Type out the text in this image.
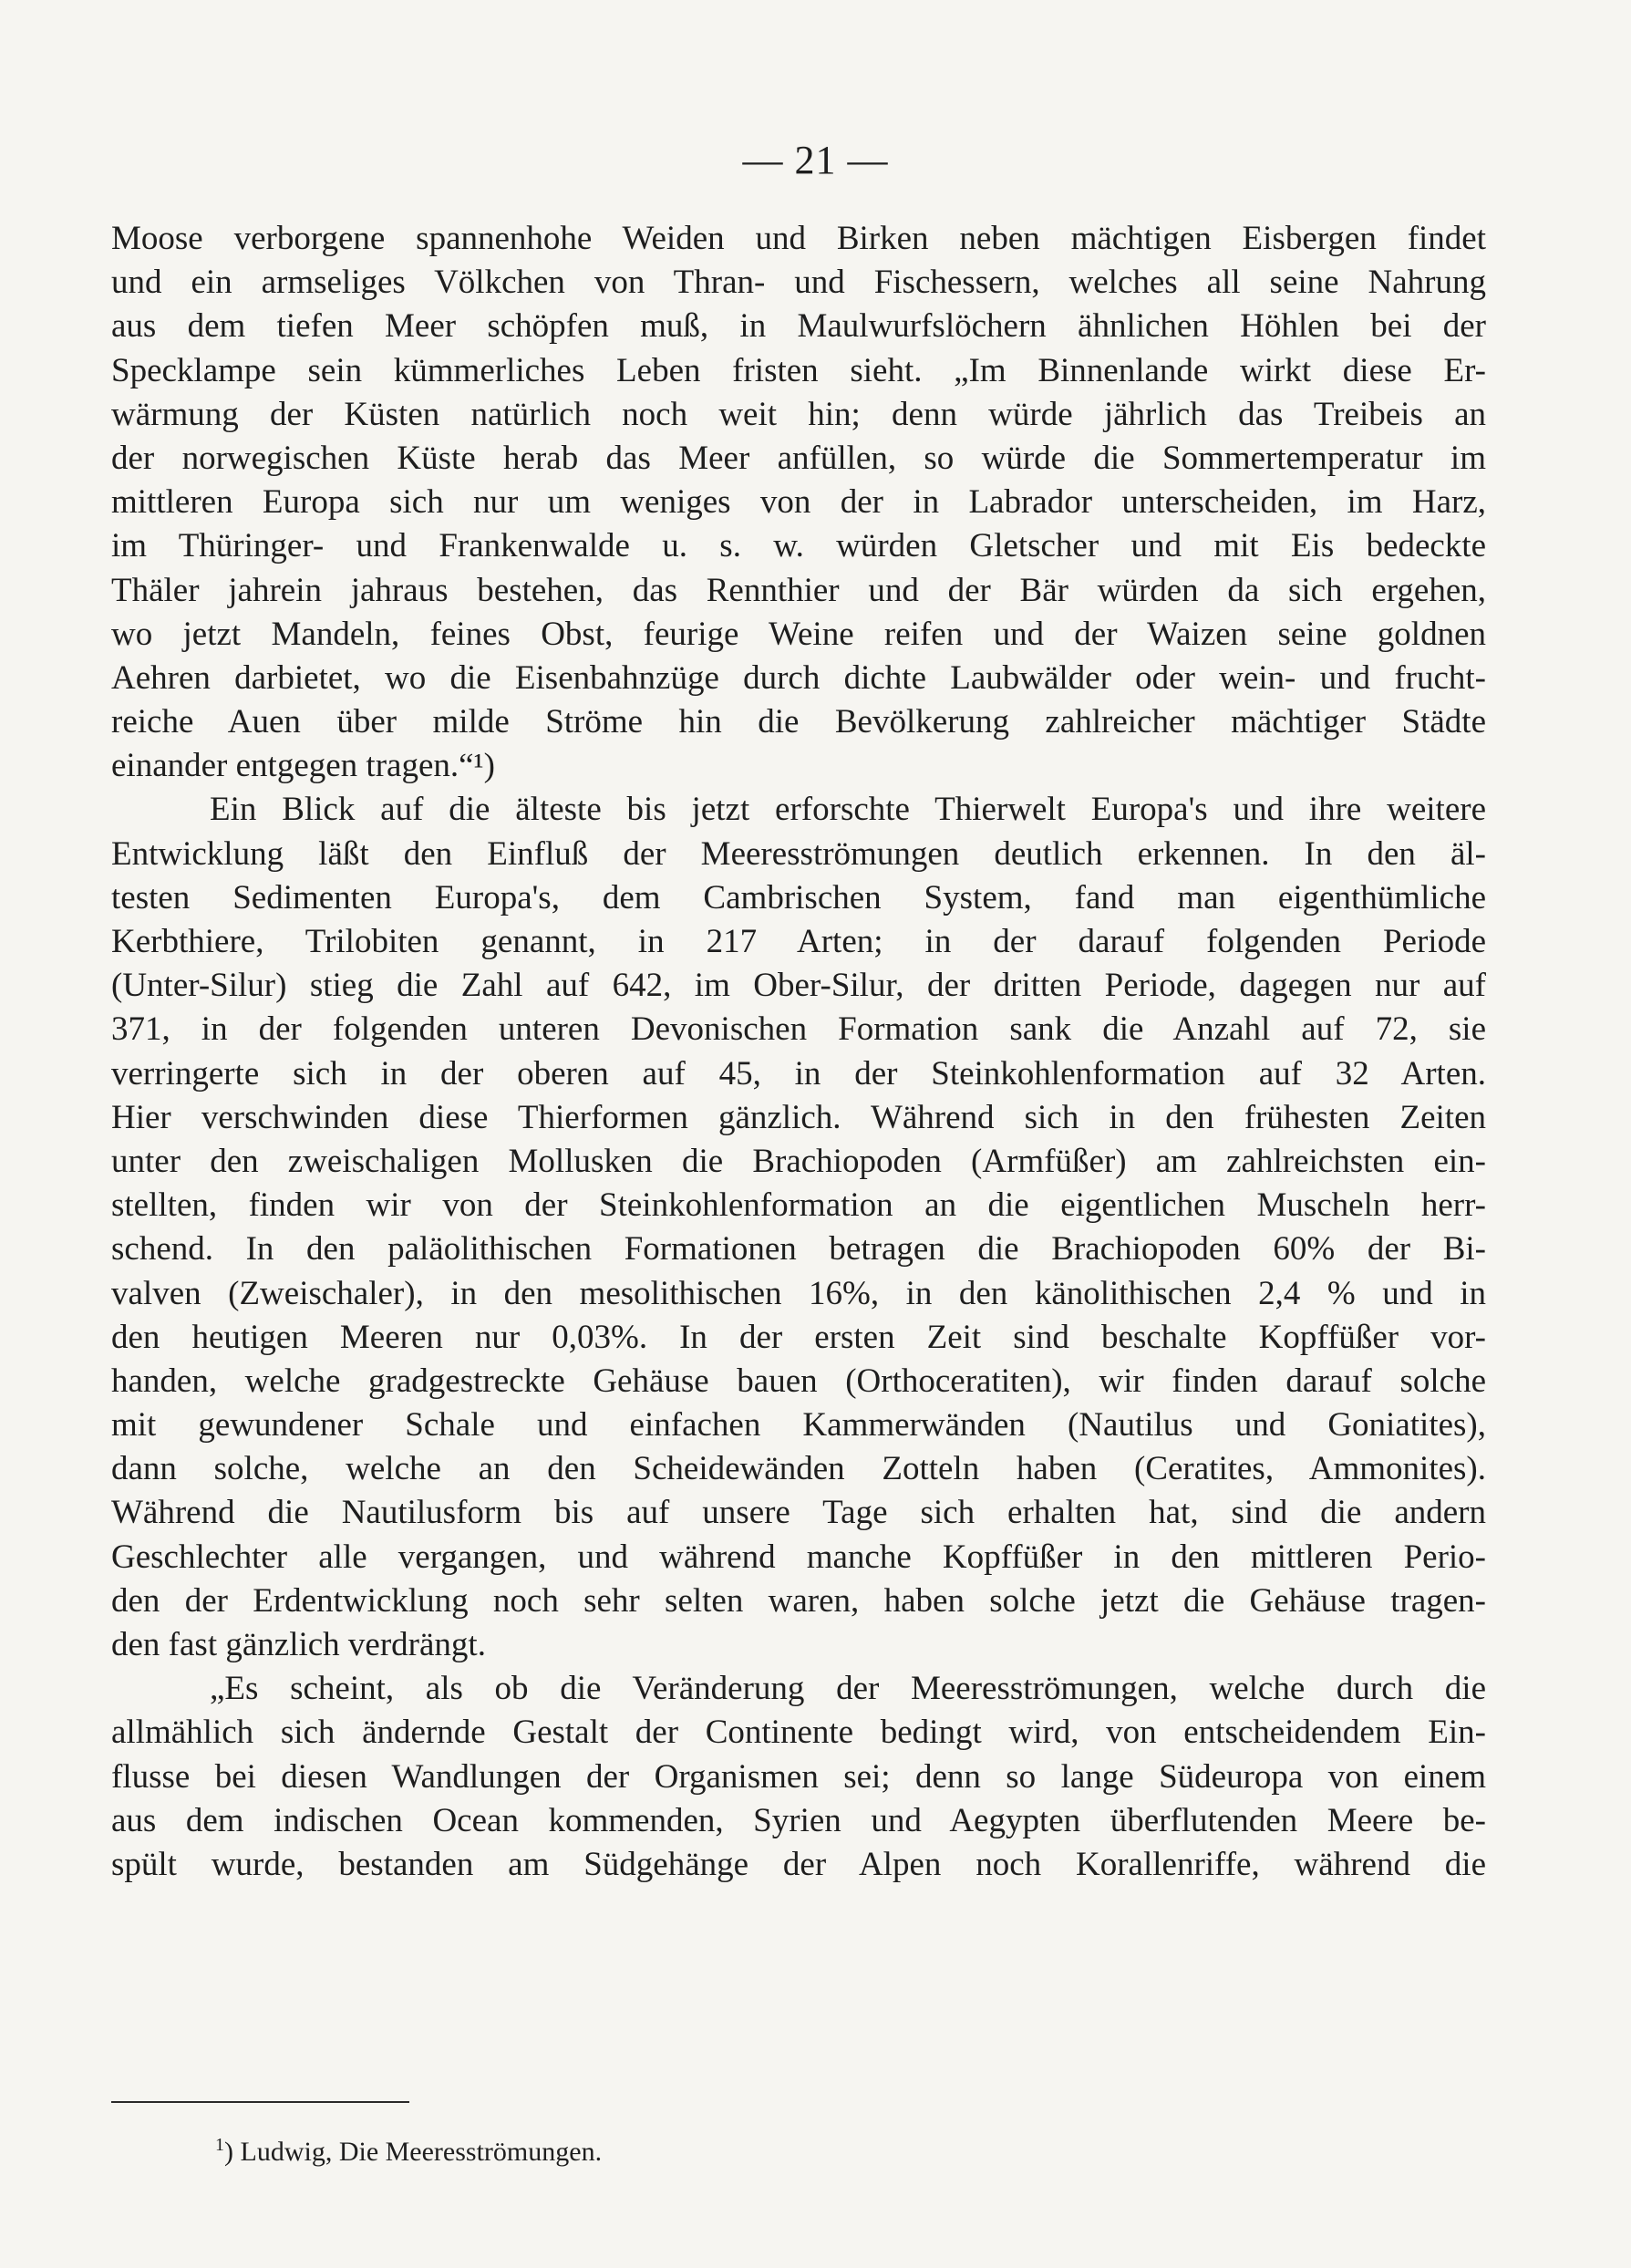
— 21 —
Moose verborgene spannenhohe Weiden und Birken neben mächtigen Eisbergen findet
und ein armseliges Völkchen von Thran- und Fischessern, welches all seine Nahrung
aus dem tiefen Meer schöpfen muß, in Maulwurfslöchern ähnlichen Höhlen bei der
Specklampe sein kümmerliches Leben fristen sieht. „Im Binnenlande wirkt diese Er-
wärmung der Küsten natürlich noch weit hin; denn würde jährlich das Treibeis an
der norwegischen Küste herab das Meer anfüllen, so würde die Sommertemperatur im
mittleren Europa sich nur um weniges von der in Labrador unterscheiden, im Harz,
im Thüringer- und Frankenwalde u. s. w. würden Gletscher und mit Eis bedeckte
Thäler jahrein jahraus bestehen, das Rennthier und der Bär würden da sich ergehen,
wo jetzt Mandeln, feines Obst, feurige Weine reifen und der Waizen seine goldnen
Aehren darbietet, wo die Eisenbahnzüge durch dichte Laubwälder oder wein- und frucht-
reiche Auen über milde Ströme hin die Bevölkerung zahlreicher mächtiger Städte
einander entgegen tragen.“¹)
Ein Blick auf die älteste bis jetzt erforschte Thierwelt Europa's und ihre weitere
Entwicklung läßt den Einfluß der Meeresströmungen deutlich erkennen. In den äl-
testen Sedimenten Europa's, dem Cambrischen System, fand man eigenthümliche
Kerbthiere, Trilobiten genannt, in 217 Arten; in der darauf folgenden Periode
(Unter-Silur) stieg die Zahl auf 642, im Ober-Silur, der dritten Periode, dagegen nur auf
371, in der folgenden unteren Devonischen Formation sank die Anzahl auf 72, sie
verringerte sich in der oberen auf 45, in der Steinkohlenformation auf 32 Arten.
Hier verschwinden diese Thierformen gänzlich. Während sich in den frühesten Zeiten
unter den zweischaligen Mollusken die Brachiopoden (Armfüßer) am zahlreichsten ein-
stellten, finden wir von der Steinkohlenformation an die eigentlichen Muscheln herr-
schend. In den paläolithischen Formationen betragen die Brachiopoden 60% der Bi-
valven (Zweischaler), in den mesolithischen 16%, in den känolithischen 2,4 % und in
den heutigen Meeren nur 0,03%. In der ersten Zeit sind beschalte Kopffüßer vor-
handen, welche gradgestreckte Gehäuse bauen (Orthoceratiten), wir finden darauf solche
mit gewundener Schale und einfachen Kammerwänden (Nautilus und Goniatites),
dann solche, welche an den Scheidewänden Zotteln haben (Ceratites, Ammonites).
Während die Nautilusform bis auf unsere Tage sich erhalten hat, sind die andern
Geschlechter alle vergangen, und während manche Kopffüßer in den mittleren Perio-
den der Erdentwicklung noch sehr selten waren, haben solche jetzt die Gehäuse tragen-
den fast gänzlich verdrängt.
„Es scheint, als ob die Veränderung der Meeresströmungen, welche durch die
allmählich sich ändernde Gestalt der Continente bedingt wird, von entscheidendem Ein-
flusse bei diesen Wandlungen der Organismen sei; denn so lange Südeuropa von einem
aus dem indischen Ocean kommenden, Syrien und Aegypten überflutenden Meere be-
spült wurde, bestanden am Südgehänge der Alpen noch Korallenriffe, während die
$^1$) Ludwig, Die Meeresströmungen.
